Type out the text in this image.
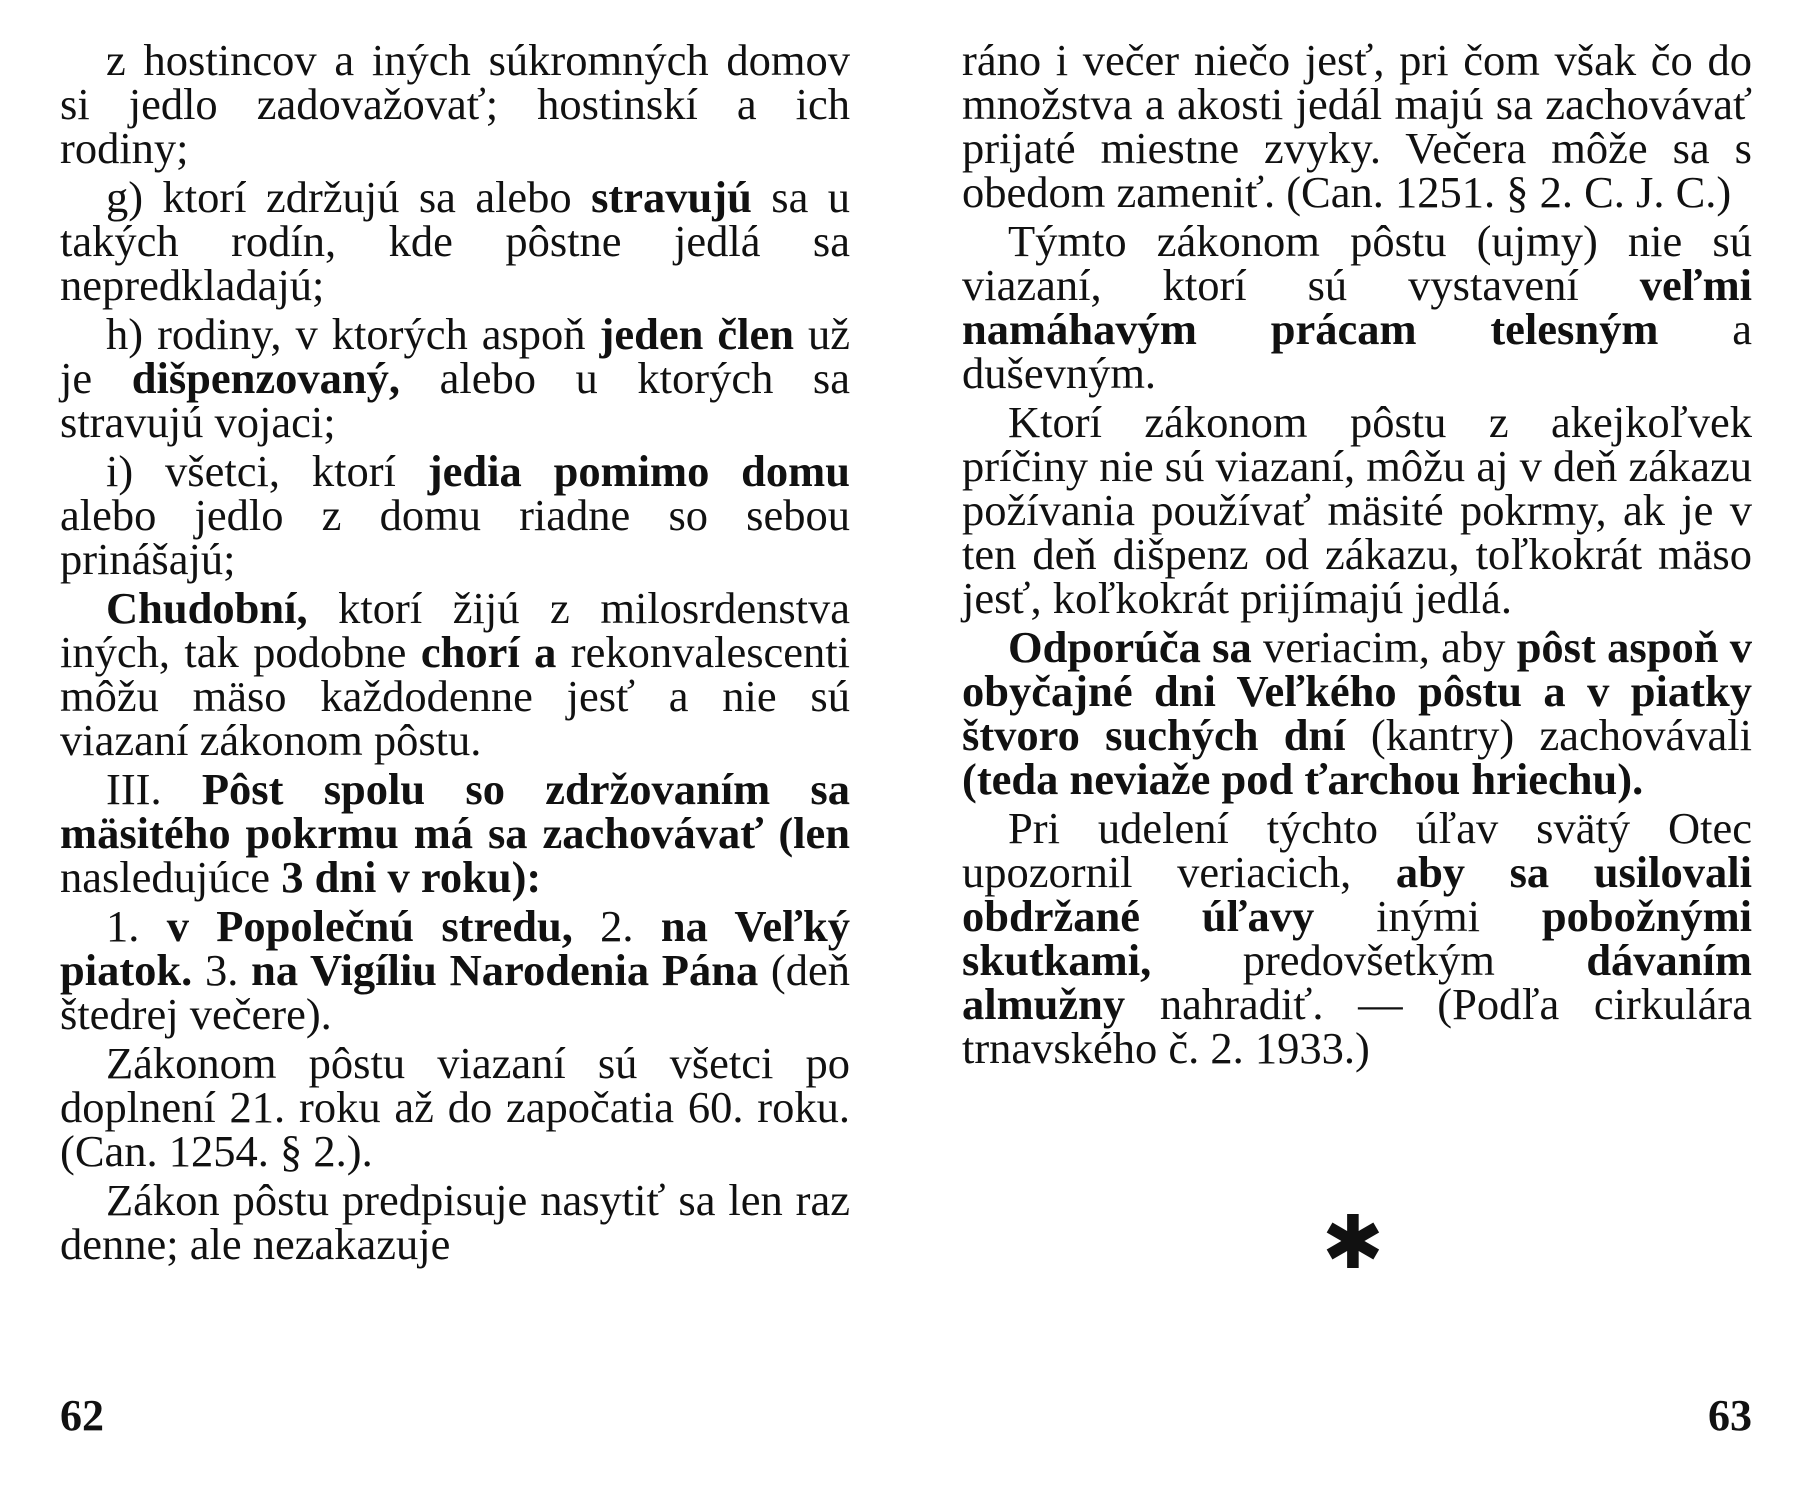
z hostincov a iných súkromných domov si jedlo zadovažovať; hostinskí a ich rodiny;

g) ktorí zdržujú sa alebo stravujú sa u takých rodín, kde pôstne jedlá sa nepredkladajú;

h) rodiny, v ktorých aspoň jeden člen už je dišpenzovaný, alebo u ktorých sa stravujú vojaci;

i) všetci, ktorí jedia pomimo domu alebo jedlo z domu riadne so sebou prinášajú;

Chudobní, ktorí žijú z milosrdenstva iných, tak podobne chorí a rekonvalescenti môžu mäso každodenne jesť a nie sú viazaní zákonom pôstu.

III. Pôst spolu so zdržovaním sa mäsitého pokrmu má sa zachovávať (len nasledujúce 3 dni v roku):

1. v Popolečnú stredu, 2. na Veľký piatok. 3. na Vigíliu Narodenia Pána (deň štedrej večere).

Zákonom pôstu viazaní sú všetci po doplnení 21. roku až do započatia 60. roku. (Can. 1254. § 2.).

Zákon pôstu predpisuje nasytiť sa len raz denne; ale nezakazuje

62

ráno i večer niečo jesť, pri čom však čo do množstva a akosti jedál majú sa zachovávať prijaté miestne zvyky. Večera môže sa s obedom zameniť. (Can. 1251. § 2. C. J. C.)

Týmto zákonom pôstu (ujmy) nie sú viazaní, ktorí sú vystavení veľmi namáhavým prácam telesným a duševným.

Ktorí zákonom pôstu z akejkoľvek príčiny nie sú viazaní, môžu aj v deň zákazu požívania používať mäsité pokrmy, ak je v ten deň dišpenz od zákazu, toľkokrát mäso jesť, koľkokrát prijímajú jedlá.

Odporúča sa veriacim, aby pôst aspoň v obyčajné dni Veľkého pôstu a v piatky štvoro suchých dní (kantry) zachovávali (teda neviaže pod ťarchou hriechu).

Pri udelení týchto úľav svätý Otec upozornil veriacich, aby sa usilovali obdržané úľavy inými pobožnými skutkami, predovšetkým dávaním almužny nahradiť. — (Podľa cirkulára trnavského č. 2. 1933.)

✱
63
